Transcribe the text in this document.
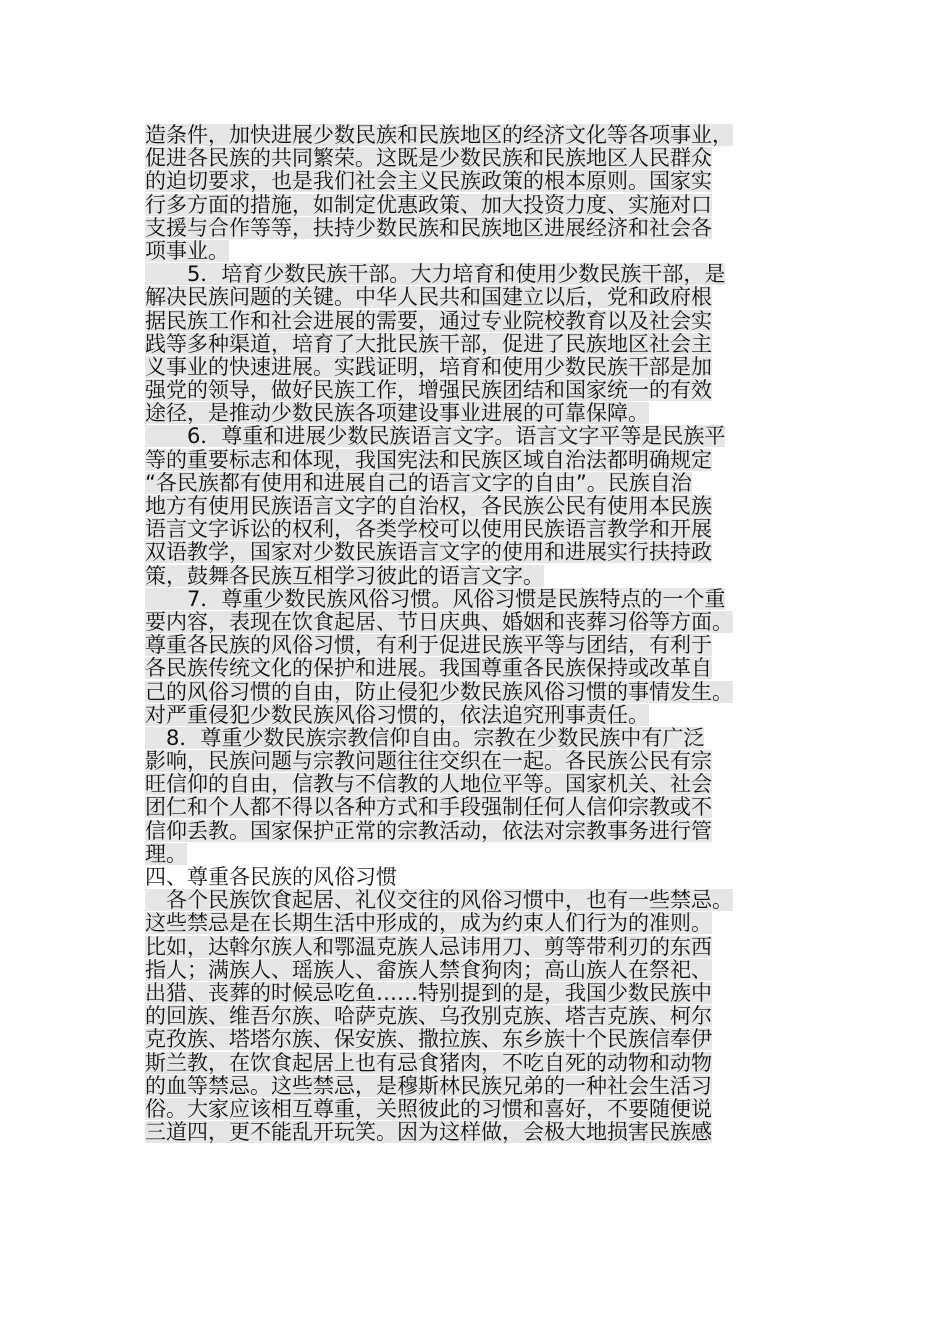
造条件，加快进展少数民族和民族地区的经济文化等各项事业，
促进各民族的共同繁荣。这既是少数民族和民族地区人民群众
的迫切要求，也是我们社会主义民族政策的根本原则。国家实
行多方面的措施，如制定优惠政策、加大投资力度、实施对口
支援与合作等等，扶持少数民族和民族地区进展经济和社会各
项事业。
　　5．培育少数民族干部。大力培育和使用少数民族干部，是
解决民族问题的关键。中华人民共和国建立以后，党和政府根
据民族工作和社会进展的需要，通过专业院校教育以及社会实
践等多种渠道，培育了大批民族干部，促进了民族地区社会主
义事业的快速进展。实践证明，培育和使用少数民族干部是加
强党的领导，做好民族工作，增强民族团结和国家统一的有效
途径，是推动少数民族各项建设事业进展的可靠保障。
　　6．尊重和进展少数民族语言文字。语言文字平等是民族平
等的重要标志和体现，我国宪法和民族区域自治法都明确规定
“各民族都有使用和进展自己的语言文字的自由”。民族自治
地方有使用民族语言文字的自治权，各民族公民有使用本民族
语言文字诉讼的权利，各类学校可以使用民族语言教学和开展
双语教学，国家对少数民族语言文字的使用和进展实行扶持政
策，鼓舞各民族互相学习彼此的语言文字。
　　7．尊重少数民族风俗习惯。风俗习惯是民族特点的一个重
要内容，表现在饮食起居、节日庆典、婚姻和丧葬习俗等方面。
尊重各民族的风俗习惯，有利于促进民族平等与团结，有利于
各民族传统文化的保护和进展。我国尊重各民族保持或改革自
己的风俗习惯的自由，防止侵犯少数民族风俗习惯的事情发生。
对严重侵犯少数民族风俗习惯的，依法追究刑事责任。
　8．尊重少数民族宗教信仰自由。宗教在少数民族中有广泛
影响，民族问题与宗教问题往往交织在一起。各民族公民有宗
旺信仰的自由，信教与不信教的人地位平等。国家机关、社会
团仁和个人都不得以各种方式和手段强制任何人信仰宗教或不
信仰丢教。国家保护正常的宗教活动，依法对宗教事务进行管
理。
四、尊重各民族的风俗习惯
　各个民族饮食起居、礼仪交往的风俗习惯中，也有一些禁忌。
这些禁忌是在长期生活中形成的，成为约束人们行为的准则。
比如，达斡尔族人和鄂温克族人忌讳用刀、剪等带利刃的东西
指人；满族人、瑶族人、畲族人禁食狗肉；高山族人在祭祀、
出猎、丧葬的时候忌吃鱼……特别提到的是，我国少数民族中
的回族、维吾尔族、哈萨克族、乌孜别克族、塔吉克族、柯尔
克孜族、塔塔尔族、保安族、撒拉族、东乡族十个民族信奉伊
斯兰教，在饮食起居上也有忌食猪肉，不吃自死的动物和动物
的血等禁忌。这些禁忌，是穆斯林民族兄弟的一种社会生活习
俗。大家应该相互尊重，关照彼此的习惯和喜好，不要随便说
三道四，更不能乱开玩笑。因为这样做，会极大地损害民族感
